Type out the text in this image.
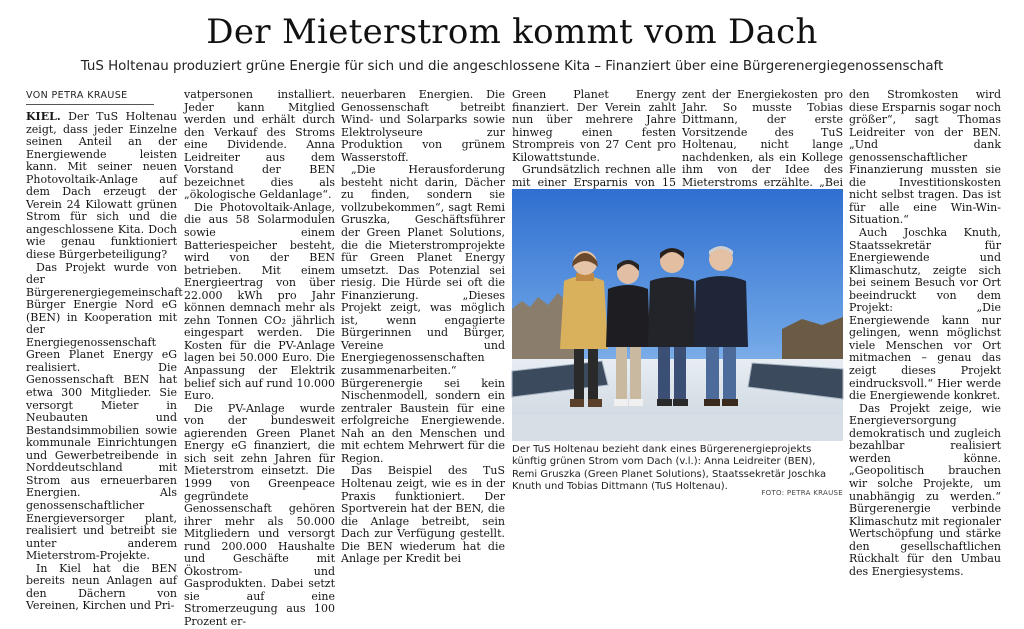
Der Mieterstrom kommt vom Dach
TuS Holtenau produziert grüne Energie für sich und die angeschlossene Kita – Finanziert über eine Bürgerenergiegenossenschaft
VON PETRA KRAUSE

KIEL. Der TuS Holtenau zeigt, dass jeder Einzelne seinen Anteil an der Energiewende leisten kann. Mit seiner neuen Photovoltaik-Anlage auf dem Dach erzeugt der Verein 24 Kilowatt grünen Strom für sich und die angeschlossene Kita. Doch wie genau funktioniert diese Bürgerbeteiligung?

Das Projekt wurde von der Bürgerenergiegemeinschaft Bürger Energie Nord eG (BEN) in Kooperation mit der Energiegenossenschaft Green Planet Energy eG realisiert. Die Genossenschaft BEN hat etwa 300 Mitglieder. Sie versorgt Mieter in Neubauten und Bestandsimmobilien sowie kommunale Einrichtungen und Gewerbetreibende in Norddeutschland mit Strom aus erneuerbaren Energien. Als genossenschaftlicher Energieversorger plant, realisiert und betreibt sie unter anderem Mieterstrom-Projekte.

In Kiel hat die BEN bereits neun Anlagen auf den Dächern von Vereinen, Kirchen und Pri-

vatpersonen installiert. Jeder kann Mitglied werden und erhält durch den Verkauf des Stroms eine Dividende. Anna Leidreiter aus dem Vorstand der BEN bezeichnet dies als „ökologische Geldanlage“.

Die Photovoltaik-Anlage, die aus 58 Solarmodulen sowie einem Batteriespeicher besteht, wird von der BEN betrieben. Mit einem Energieertrag von über 22.000 kWh pro Jahr können demnach mehr als zehn Tonnen CO₂ jährlich eingespart werden. Die Kosten für die PV-Anlage lagen bei 50.000 Euro. Die Anpassung der Elektrik belief sich auf rund 10.000 Euro.

Die PV-Anlage wurde von der bundesweit agierenden Green Planet Energy eG finanziert, die sich seit zehn Jahren für Mieterstrom einsetzt. Die 1999 von Greenpeace gegründete Genossenschaft gehören ihrer mehr als 50.000 Mitgliedern und versorgt rund 200.000 Haushalte und Geschäfte mit Ökostrom- und Gasprodukten. Dabei setzt sie auf eine Stromerzeugung aus 100 Prozent er-

neuerbaren Energien. Die Genossenschaft betreibt Wind- und Solarparks sowie Elektrolyseure zur Produktion von grünem Wasserstoff.

„Die Herausforderung besteht nicht darin, Dächer zu finden, sondern sie vollzubekommen“, sagt Remi Gruszka, Geschäftsführer der Green Planet Solutions, die die Mieterstromprojekte für Green Planet Energy umsetzt. Das Potenzial sei riesig. Die Hürde sei oft die Finanzierung. „Dieses Projekt zeigt, was möglich ist, wenn engagierte Bürgerinnen und Bürger, Vereine und Energiegenossenschaften zusammenarbeiten.“ Bürgerenergie sei kein Nischenmodell, sondern ein zentraler Baustein für eine erfolgreiche Energiewende. Nah an den Menschen und mit echtem Mehrwert für die Region.

Das Beispiel des TuS Holtenau zeigt, wie es in der Praxis funktioniert. Der Sportverein hat der BEN, die die Anlage betreibt, sein Dach zur Verfügung gestellt. Die BEN wiederum hat die Anlage per Kredit bei

Green Planet Energy finanziert. Der Verein zahlt nun über mehrere Jahre hinweg einen festen Strompreis von 27 Cent pro Kilowattstunde.

Grundsätzlich rechnen alle mit einer Ersparnis von 15

zent der Energiekosten pro Jahr. So musste Tobias Dittmann, der erste Vorsitzende des TuS Holtenau, nicht lange nachdenken, als ein Kollege ihm von der Idee des Mieterstroms erzählte. „Bei

Der TuS Holtenau bezieht dank eines Bürgerenergieprojekts künftig grünen Strom vom Dach (v.l.): Anna Leidreiter (BEN), Remi Gruszka (Green Planet Solutions), Staatssekretär Joschka Knuth und Tobias Dittmann (TuS Holtenau).
FOTO: PETRA KRAUSE

den Stromkosten wird diese Ersparnis sogar noch größer“, sagt Thomas Leidreiter von der BEN. „Und dank genossenschaftlicher Finanzierung mussten sie die Investitionskosten nicht selbst tragen. Das ist für alle eine Win-Win-Situation.“

Auch Joschka Knuth, Staatssekretär für Energiewende und Klimaschutz, zeigte sich bei seinem Besuch vor Ort beeindruckt von dem Projekt: „Die Energiewende kann nur gelingen, wenn möglichst viele Menschen vor Ort mitmachen – genau das zeigt dieses Projekt eindrucksvoll.“ Hier werde die Energiewende konkret.

Das Projekt zeige, wie Energieversorgung demokratisch und zugleich bezahlbar realisiert werden könne. „Geopolitisch brauchen wir solche Projekte, um unabhängig zu werden.“ Bürgerenergie verbinde Klimaschutz mit regionaler Wertschöpfung und stärke den gesellschaftlichen Rückhalt für den Umbau des Energiesystems.
